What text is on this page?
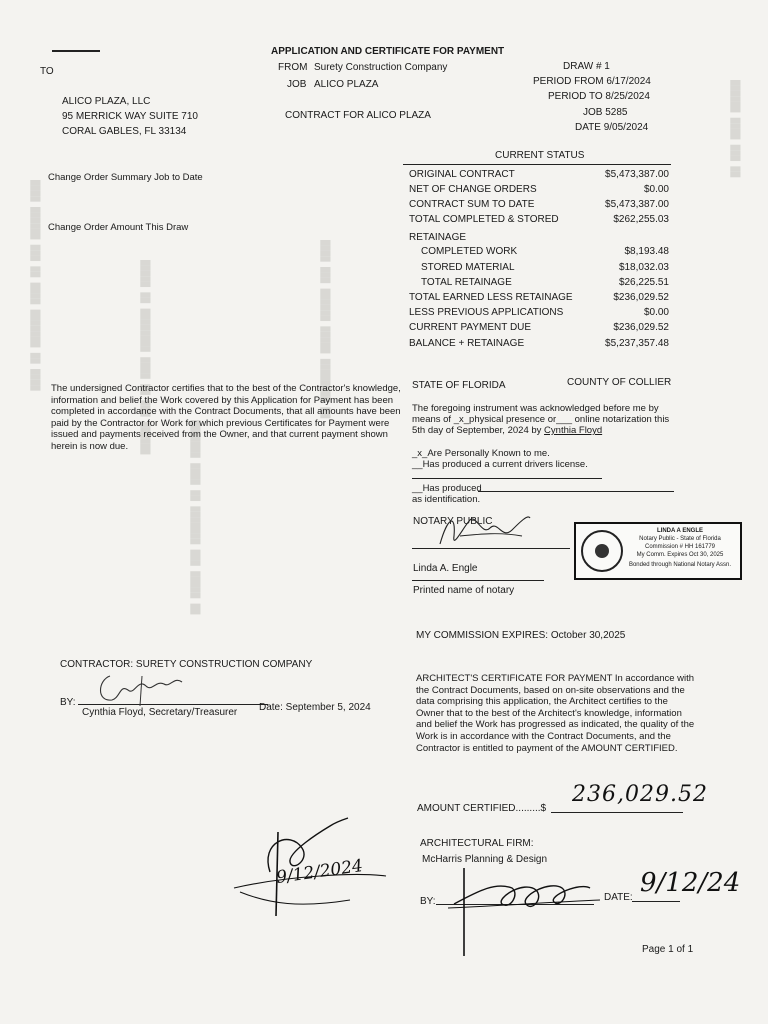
████ ██████ ███ ██ ████ ███████ ██ ████	█████ ██ ████████ ████ ██ ███ ██████
███████ ████ ██ ███████ ███ █████ ██
████ ███ ██████ █████ ████████ ██
██████ ████ ███ ██
APPLICATION AND CERTIFICATE FOR PAYMENT
TO	FROM Surety Construction Company
JOB ALICO PLAZA
CONTRACT FOR ALICO PLAZA
DRAW # 1
PERIOD FROM 6/17/2024
PERIOD TO 8/25/2024
JOB 5285
DATE 9/05/2024
ALICO PLAZA, LLC
95 MERRICK WAY SUITE 710
CORAL GABLES, FL 33134
Change Order Summary Job to Date
Change Order Amount This Draw
The undersigned Contractor certifies that to the best of the Contractor's knowledge, information and belief the Work covered by this Application for Payment has been completed in accordance with the Contract Documents, that all amounts have been paid by the Contractor for Work for which previous Certificates for Payment were issued and payments received from the Owner, and that current payment shown herein is now due.
CURRENT STATUS
ORIGINAL CONTRACT	$5,473,387.00
NET OF CHANGE ORDERS	$0.00
CONTRACT SUM TO DATE	$5,473,387.00
TOTAL COMPLETED & STORED	$262,255.03
RETAINAGE
COMPLETED WORK	$8,193.48
STORED MATERIAL	$18,032.03
TOTAL RETAINAGE	$26,225.51
TOTAL EARNED LESS RETAINAGE	$236,029.52
LESS PREVIOUS APPLICATIONS	$0.00
CURRENT PAYMENT DUE	$236,029.52
BALANCE + RETAINAGE	$5,237,357.48
STATE OF FLORIDA	COUNTY OF COLLIER
The foregoing instrument was acknowledged before me by
means of _x_physical presence or___ online notarization this
5th day of September, 2024 by Cynthia Floyd
_x_Are Personally Known to me.
__Has produced a current drivers license.
__Has produced
as identification.
NOTARY PUBLIC
Linda A. Engle
Printed name of notary
LINDA A ENGLE
Notary Public - State of Florida
Commission # HH 161779
My Comm. Expires Oct 30, 2025
Bonded through National Notary Assn.
MY COMMISSION EXPIRES: October 30,2025
CONTRACTOR: SURETY CONSTRUCTION COMPANY
BY:
Cynthia Floyd, Secretary/Treasurer Date: September 5, 2024
ARCHITECT'S CERTIFICATE FOR PAYMENT In accordance with the Contract Documents, based on on-site observations and the data comprising this application, the Architect certifies to the Owner that to the best of the Architect's knowledge, information and belief the Work has progressed as indicated, the quality of the Work is in accordance with the Contract Documents, and the Contractor is entitled to payment of the AMOUNT CERTIFIED.
AMOUNT CERTIFIED.........$
236,029.52
ARCHITECTURAL FIRM:
McHarris Planning & Design
BY:	DATE: 9/12/24
9/12/2024
Page 1 of 1
